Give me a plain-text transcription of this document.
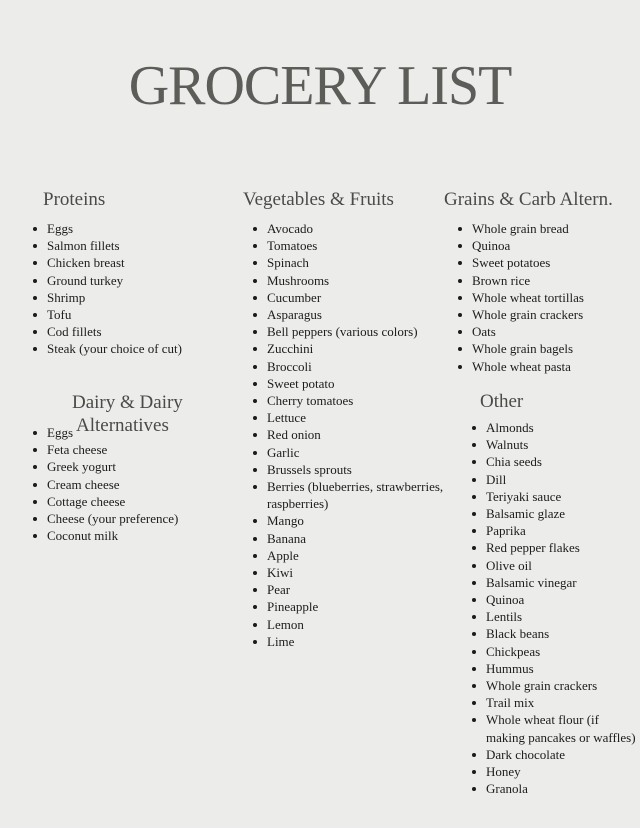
GROCERY LIST
Proteins
Eggs
Salmon fillets
Chicken breast
Ground turkey
Shrimp
Tofu
Cod fillets
Steak (your choice of cut)
Dairy & Dairy
Eggs
Feta cheese
Greek yogurt
Cream cheese
Cottage cheese
Cheese (your preference)
Coconut milk
Alternatives
Vegetables & Fruits
Avocado
Tomatoes
Spinach
Mushrooms
Cucumber
Asparagus
Bell peppers (various colors)
Zucchini
Broccoli
Sweet potato
Cherry tomatoes
Lettuce
Red onion
Garlic
Brussels sprouts
Berries (blueberries, strawberries, raspberries)
Mango
Banana
Apple
Kiwi
Pear
Pineapple
Lemon
Lime
Grains & Carb Altern.
Whole grain bread
Quinoa
Sweet potatoes
Brown rice
Whole wheat tortillas
Whole grain crackers
Oats
Whole grain bagels
Whole wheat pasta
Other
Almonds
Walnuts
Chia seeds
Dill
Teriyaki sauce
Balsamic glaze
Paprika
Red pepper flakes
Olive oil
Balsamic vinegar
Quinoa
Lentils
Black beans
Chickpeas
Hummus
Whole grain crackers
Trail mix
Whole wheat flour (if making pancakes or waffles)
Dark chocolate
Honey
Granola
